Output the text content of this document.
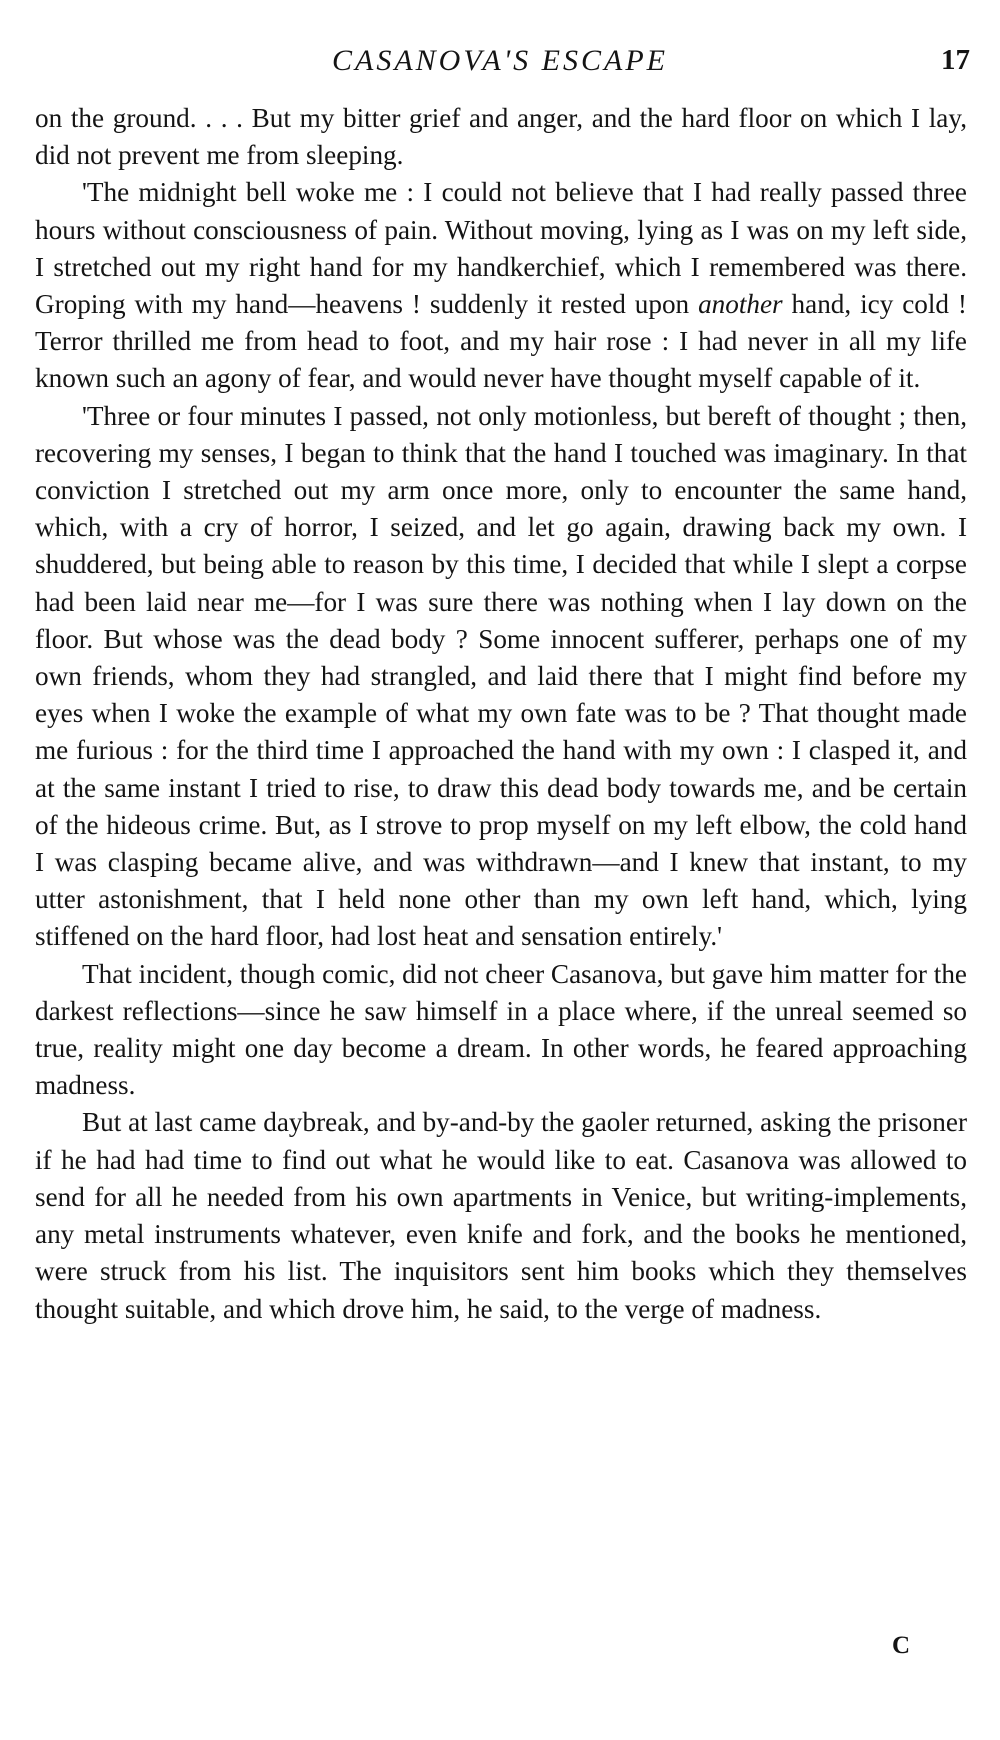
CASANOVA'S ESCAPE	17

on the ground. . . . But my bitter grief and anger, and the hard floor on which I lay, did not prevent me from sleeping.

'The midnight bell woke me : I could not believe that I had really passed three hours without consciousness of pain. Without moving, lying as I was on my left side, I stretched out my right hand for my handkerchief, which I remembered was there. Groping with my hand—heavens ! suddenly it rested upon another hand, icy cold ! Terror thrilled me from head to foot, and my hair rose : I had never in all my life known such an agony of fear, and would never have thought myself capable of it.

'Three or four minutes I passed, not only motionless, but bereft of thought ; then, recovering my senses, I began to think that the hand I touched was imaginary. In that conviction I stretched out my arm once more, only to encounter the same hand, which, with a cry of horror, I seized, and let go again, drawing back my own. I shuddered, but being able to reason by this time, I decided that while I slept a corpse had been laid near me—for I was sure there was nothing when I lay down on the floor. But whose was the dead body ? Some innocent sufferer, perhaps one of my own friends, whom they had strangled, and laid there that I might find before my eyes when I woke the example of what my own fate was to be ? That thought made me furious : for the third time I approached the hand with my own : I clasped it, and at the same instant I tried to rise, to draw this dead body towards me, and be certain of the hideous crime. But, as I strove to prop myself on my left elbow, the cold hand I was clasping became alive, and was withdrawn—and I knew that instant, to my utter astonishment, that I held none other than my own left hand, which, lying stiffened on the hard floor, had lost heat and sensation entirely.'

That incident, though comic, did not cheer Casanova, but gave him matter for the darkest reflections—since he saw himself in a place where, if the unreal seemed so true, reality might one day become a dream. In other words, he feared approaching madness.

But at last came daybreak, and by-and-by the gaoler returned, asking the prisoner if he had had time to find out what he would like to eat. Casanova was allowed to send for all he needed from his own apartments in Venice, but writing-implements, any metal instruments whatever, even knife and fork, and the books he mentioned, were struck from his list. The inquisitors sent him books which they themselves thought suitable, and which drove him, he said, to the verge of madness.

C
